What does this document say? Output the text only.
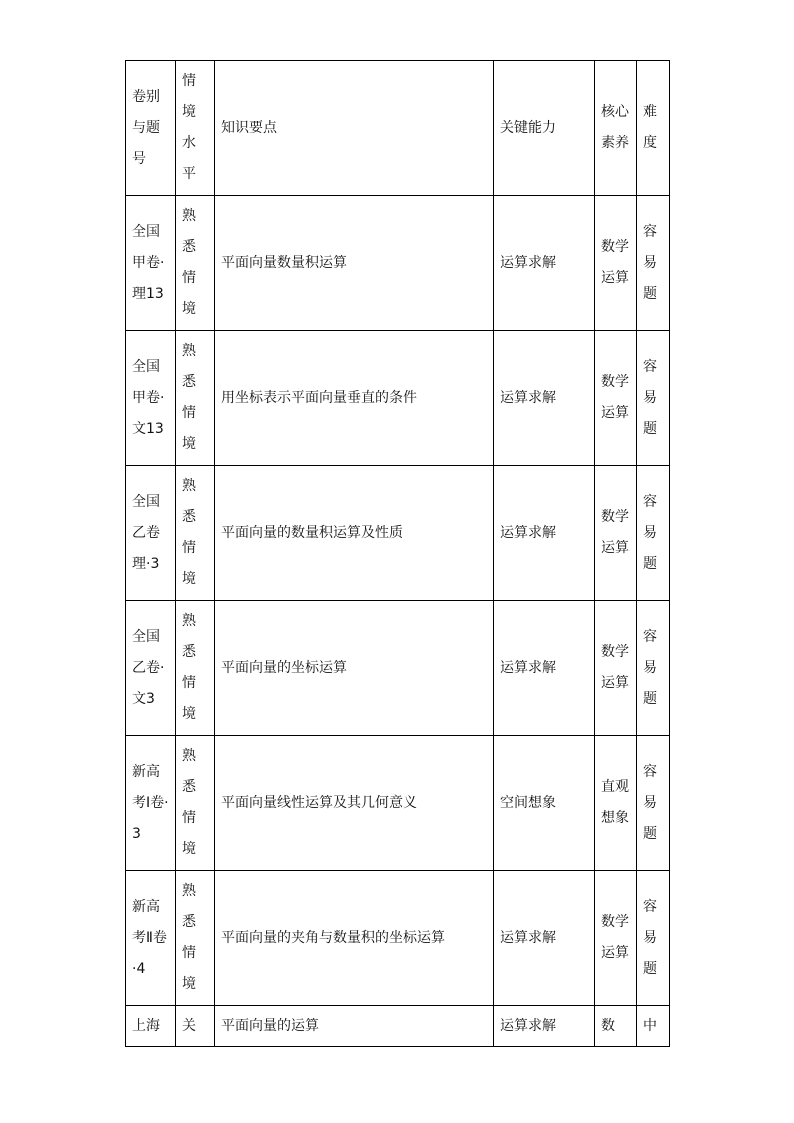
卷别与题号	情境水平	知识要点	关键能力	核心素养	难度
全国甲卷·理13	熟悉情境	平面向量数量积运算	运算求解	数学运算	容易题
全国甲卷·文13	熟悉情境	用坐标表示平面向量垂直的条件	运算求解	数学运算	容易题
全国乙卷理·3	熟悉情境	平面向量的数量积运算及性质	运算求解	数学运算	容易题
全国乙卷·文3	熟悉情境	平面向量的坐标运算	运算求解	数学运算	容易题
新高考Ⅰ卷·3	熟悉情境	平面向量线性运算及其几何意义	空间想象	直观想象	容易题
新高考Ⅱ卷·4	熟悉情境	平面向量的夹角与数量积的坐标运算	运算求解	数学运算	容易题
上海	关	平面向量的运算	运算求解	数	中
